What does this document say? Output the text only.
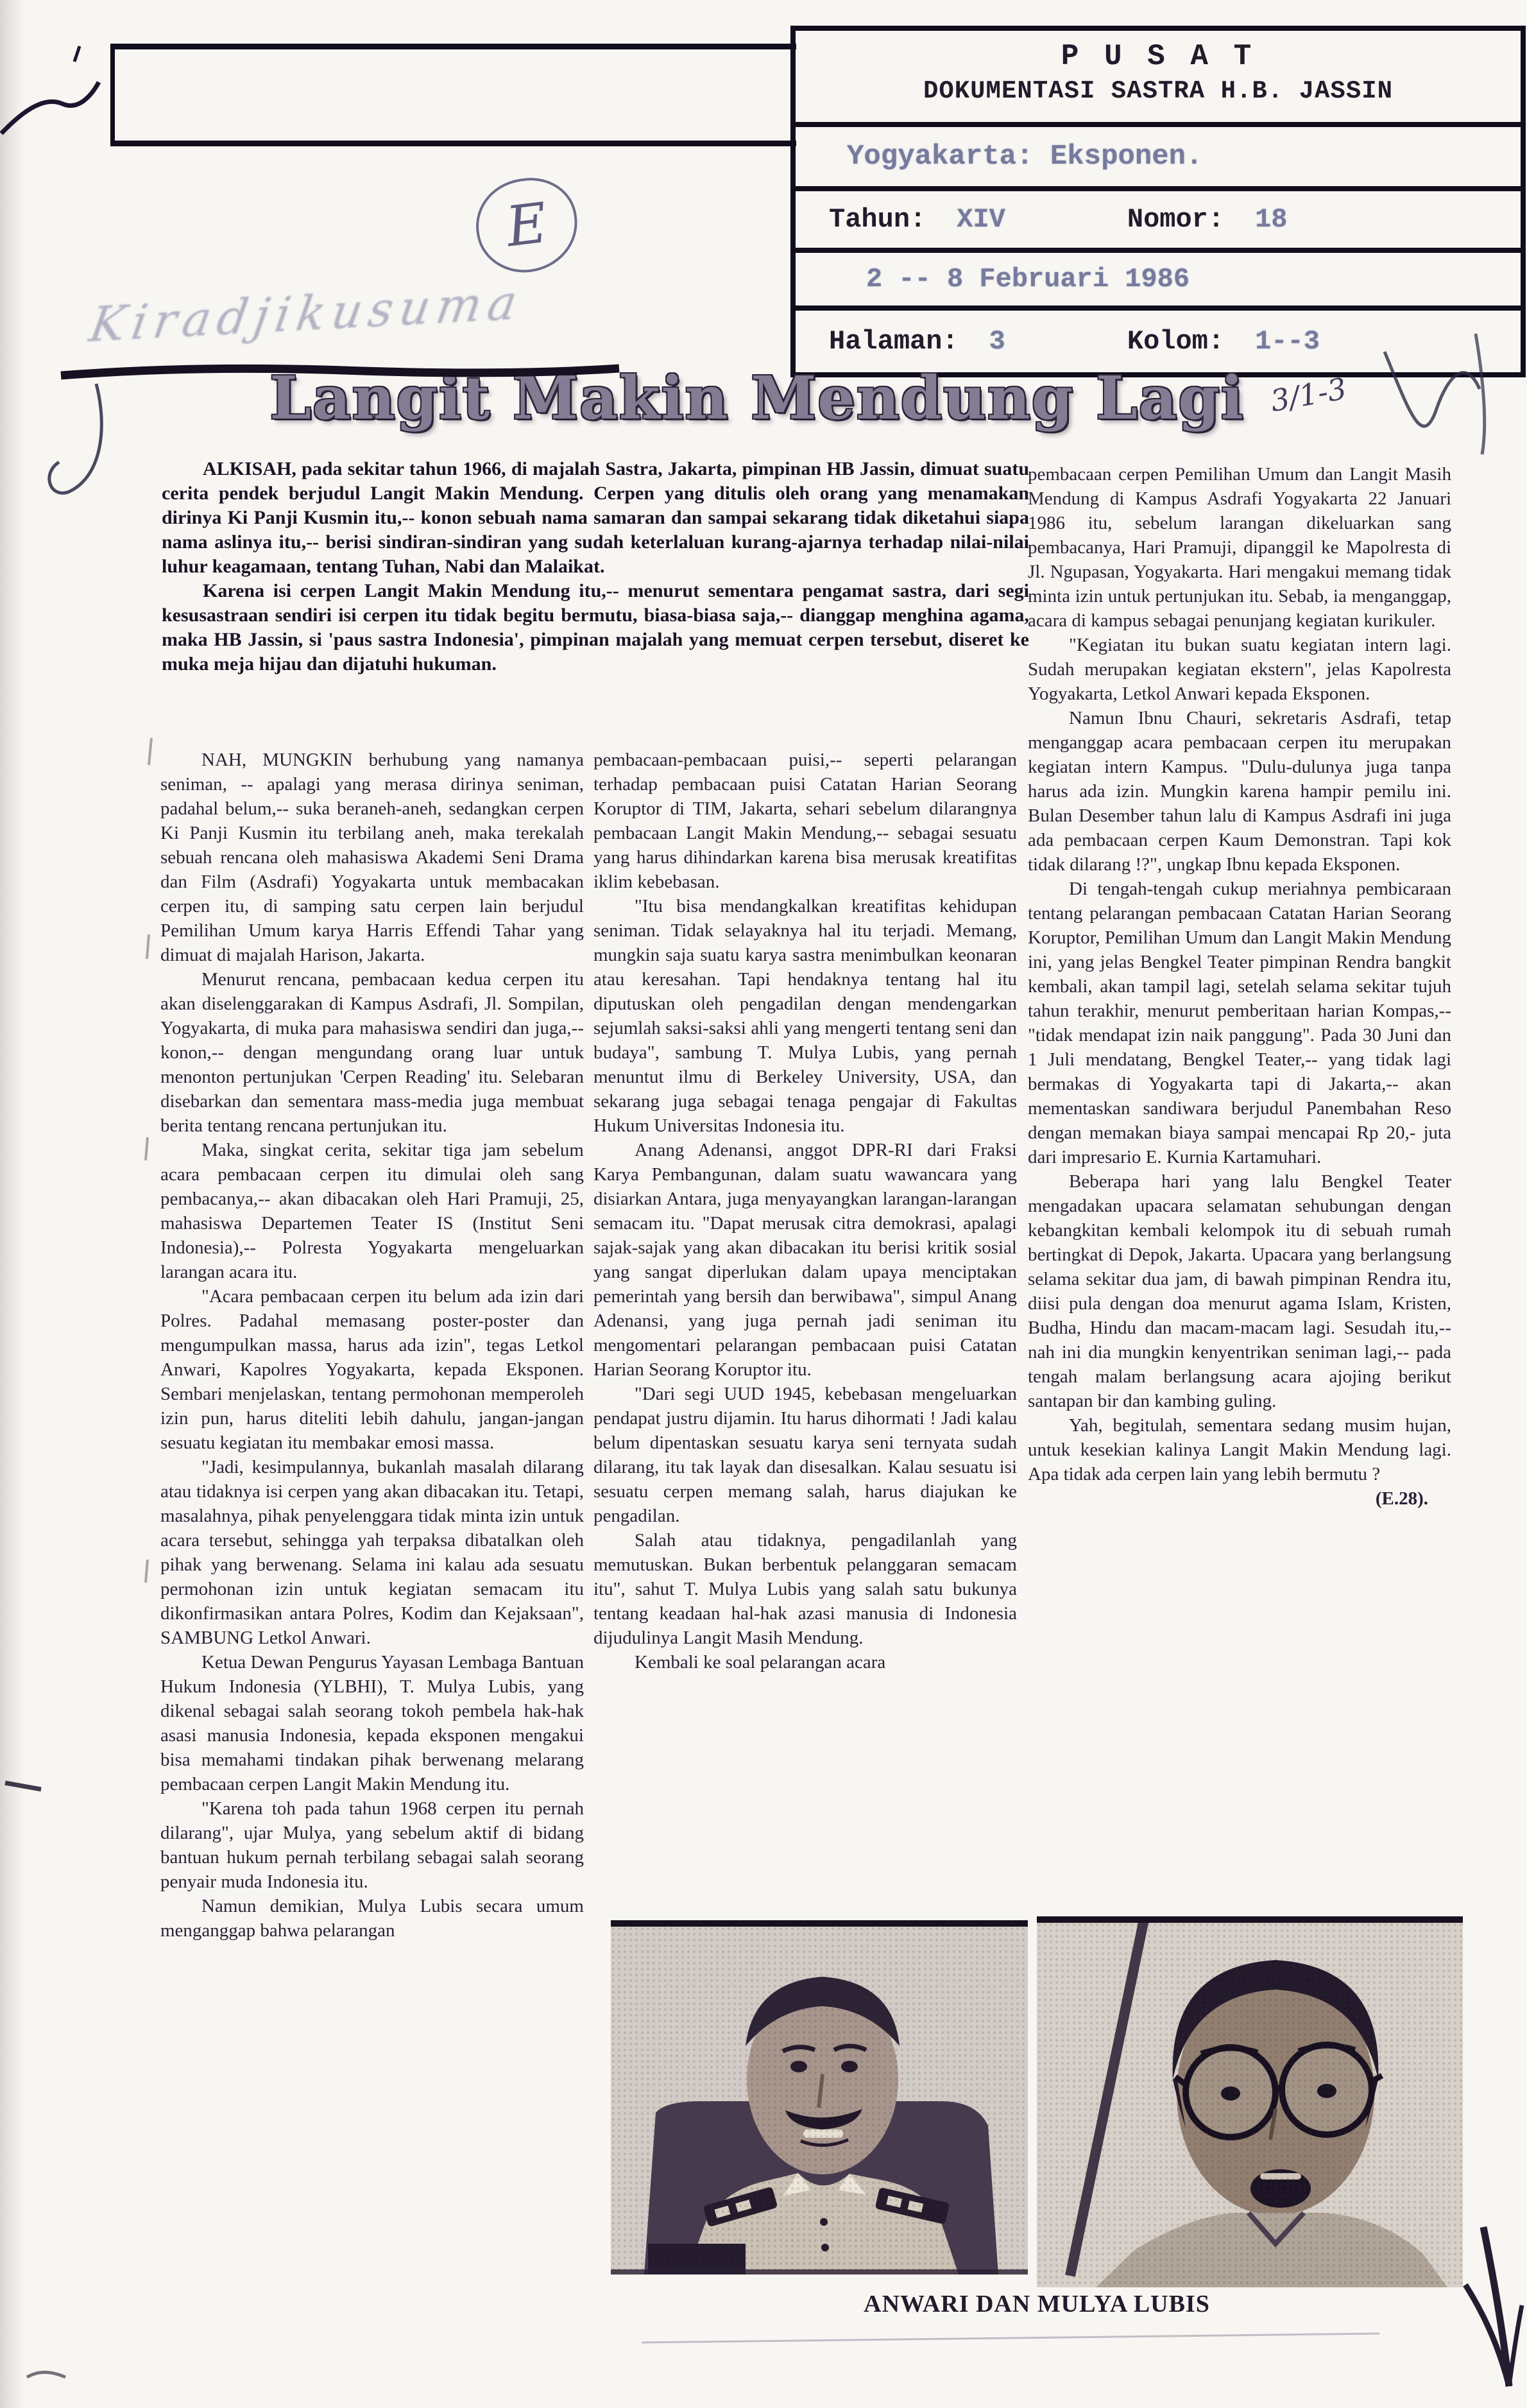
P U S A T
DOKUMENTASI SASTRA H.B. JASSIN
Yogyakarta: Eksponen.
Tahun: XIV	Nomor: 18
2 -- 8 Februari 1986
Halaman: 3	Kolom: 1--3
E
Kiradjikusuma
3/1-3
Langit Makin Mendung Lagi

ALKISAH, pada sekitar tahun 1966, di majalah Sastra, Jakarta, pimpinan HB Jassin, dimuat suatu cerita pendek berjudul Langit Makin Mendung. Cerpen yang ditulis oleh orang yang menamakan dirinya Ki Panji Kusmin itu,-- konon sebuah nama samaran dan sampai sekarang tidak diketahui siapa nama aslinya itu,-- berisi sindiran-sindiran yang sudah keterlaluan kurang-ajarnya terhadap nilai-nilai luhur keagamaan, tentang Tuhan, Nabi dan Malaikat.

Karena isi cerpen Langit Makin Mendung itu,-- menurut sementara pengamat sastra, dari segi kesusastraan sendiri isi cerpen itu tidak begitu bermutu, biasa-biasa saja,-- dianggap menghina agama, maka HB Jassin, si 'paus sastra Indonesia', pimpinan majalah yang memuat cerpen tersebut, diseret ke muka meja hijau dan dijatuhi hukuman.

NAH, MUNGKIN berhubung yang namanya seniman, -- apalagi yang merasa dirinya seniman, padahal belum,-- suka beraneh-aneh, sedangkan cerpen Ki Panji Kusmin itu terbilang aneh, maka terekalah sebuah rencana oleh mahasiswa Akademi Seni Drama dan Film (Asdrafi) Yogyakarta untuk membacakan cerpen itu, di samping satu cerpen lain berjudul Pemilihan Umum karya Harris Effendi Tahar yang dimuat di majalah Harison, Jakarta.

Menurut rencana, pembacaan kedua cerpen itu akan diselenggarakan di Kampus Asdrafi, Jl. Sompilan, Yogyakarta, di muka para mahasiswa sendiri dan juga,-- konon,-- dengan mengundang orang luar untuk menonton pertunjukan 'Cerpen Reading' itu. Selebaran disebarkan dan sementara mass-media juga membuat berita tentang rencana pertunjukan itu.

Maka, singkat cerita, sekitar tiga jam sebelum acara pembacaan cerpen itu dimulai oleh sang pembacanya,-- akan dibacakan oleh Hari Pramuji, 25, mahasiswa Departemen Teater IS (Institut Seni Indonesia),-- Polresta Yogyakarta mengeluarkan larangan acara itu.

"Acara pembacaan cerpen itu belum ada izin dari Polres. Padahal memasang poster-poster dan mengumpulkan massa, harus ada izin", tegas Letkol Anwari, Kapolres Yogyakarta, kepada Eksponen. Sembari menjelaskan, tentang permohonan memperoleh izin pun, harus diteliti lebih dahulu, jangan-jangan sesuatu kegiatan itu membakar emosi massa.

"Jadi, kesimpulannya, bukanlah masalah dilarang atau tidaknya isi cerpen yang akan dibacakan itu. Tetapi, masalahnya, pihak penyelenggara tidak minta izin untuk acara tersebut, sehingga yah terpaksa dibatalkan oleh pihak yang berwenang. Selama ini kalau ada sesuatu permohonan izin untuk kegiatan semacam itu dikonfirmasikan antara Polres, Kodim dan Kejaksaan", SAMBUNG Letkol Anwari.

Ketua Dewan Pengurus Yayasan Lembaga Bantuan Hukum Indonesia (YLBHI), T. Mulya Lubis, yang dikenal sebagai salah seorang tokoh pembela hak-hak asasi manusia Indonesia, kepada eksponen mengakui bisa memahami tindakan pihak berwenang melarang pembacaan cerpen Langit Makin Mendung itu.

"Karena toh pada tahun 1968 cerpen itu pernah dilarang", ujar Mulya, yang sebelum aktif di bidang bantuan hukum pernah terbilang sebagai salah seorang penyair muda Indonesia itu.

Namun demikian, Mulya Lubis secara umum menganggap bahwa pelarangan

pembacaan-pembacaan puisi,-- seperti pelarangan terhadap pembacaan puisi Catatan Harian Seorang Koruptor di TIM, Jakarta, sehari sebelum dilarangnya pembacaan Langit Makin Mendung,-- sebagai sesuatu yang harus dihindarkan karena bisa merusak kreatifitas iklim kebebasan.

"Itu bisa mendangkalkan kreatifitas kehidupan seniman. Tidak selayaknya hal itu terjadi. Memang, mungkin saja suatu karya sastra menimbulkan keonaran atau keresahan. Tapi hendaknya tentang hal itu diputuskan oleh pengadilan dengan mendengarkan sejumlah saksi-saksi ahli yang mengerti tentang seni dan budaya", sambung T. Mulya Lubis, yang pernah menuntut ilmu di Berkeley University, USA, dan sekarang juga sebagai tenaga pengajar di Fakultas Hukum Universitas Indonesia itu.

Anang Adenansi, anggot DPR-RI dari Fraksi Karya Pembangunan, dalam suatu wawancara yang disiarkan Antara, juga menyayangkan larangan-larangan semacam itu. "Dapat merusak citra demokrasi, apalagi sajak-sajak yang akan dibacakan itu berisi kritik sosial yang sangat diperlukan dalam upaya menciptakan pemerintah yang bersih dan berwibawa", simpul Anang Adenansi, yang juga pernah jadi seniman itu mengomentari pelarangan pembacaan puisi Catatan Harian Seorang Koruptor itu.

"Dari segi UUD 1945, kebebasan mengeluarkan pendapat justru dijamin. Itu harus dihormati ! Jadi kalau belum dipentaskan sesuatu karya seni ternyata sudah dilarang, itu tak layak dan disesalkan. Kalau sesuatu isi sesuatu cerpen memang salah, harus diajukan ke pengadilan.

Salah atau tidaknya, pengadilanlah yang memutuskan. Bukan berbentuk pelanggaran semacam itu", sahut T. Mulya Lubis yang salah satu bukunya tentang keadaan hal-hak azasi manusia di Indonesia dijudulinya Langit Masih Mendung.

Kembali ke soal pelarangan acara

pembacaan cerpen Pemilihan Umum dan Langit Masih Mendung di Kampus Asdrafi Yogyakarta 22 Januari 1986 itu, sebelum larangan dikeluarkan sang pembacanya, Hari Pramuji, dipanggil ke Mapolresta di Jl. Ngupasan, Yogyakarta. Hari mengakui memang tidak minta izin untuk pertunjukan itu. Sebab, ia menganggap, acara di kampus sebagai penunjang kegiatan kurikuler.

"Kegiatan itu bukan suatu kegiatan intern lagi. Sudah merupakan kegiatan ekstern", jelas Kapolresta Yogyakarta, Letkol Anwari kepada Eksponen.

Namun Ibnu Chauri, sekretaris Asdrafi, tetap menganggap acara pembacaan cerpen itu merupakan kegiatan intern Kampus. "Dulu-dulunya juga tanpa harus ada izin. Mungkin karena hampir pemilu ini. Bulan Desember tahun lalu di Kampus Asdrafi ini juga ada pembacaan cerpen Kaum Demonstran. Tapi kok tidak dilarang !?", ungkap Ibnu kepada Eksponen.

Di tengah-tengah cukup meriahnya pembicaraan tentang pelarangan pembacaan Catatan Harian Seorang Koruptor, Pemilihan Umum dan Langit Makin Mendung ini, yang jelas Bengkel Teater pimpinan Rendra bangkit kembali, akan tampil lagi, setelah selama sekitar tujuh tahun terakhir, menurut pemberitaan harian Kompas,-- "tidak mendapat izin naik panggung". Pada 30 Juni dan 1 Juli mendatang, Bengkel Teater,-- yang tidak lagi bermakas di Yogyakarta tapi di Jakarta,-- akan mementaskan sandiwara berjudul Panembahan Reso dengan memakan biaya sampai mencapai Rp 20,- juta dari impresario E. Kurnia Kartamuhari.

Beberapa hari yang lalu Bengkel Teater mengadakan upacara selamatan sehubungan dengan kebangkitan kembali kelompok itu di sebuah rumah bertingkat di Depok, Jakarta. Upacara yang berlangsung selama sekitar dua jam, di bawah pimpinan Rendra itu, diisi pula dengan doa menurut agama Islam, Kristen, Budha, Hindu dan macam-macam lagi. Sesudah itu,-- nah ini dia mungkin kenyentrikan seniman lagi,-- pada tengah malam berlangsung acara ajojing berikut santapan bir dan kambing guling.

Yah, begitulah, sementara sedang musim hujan, untuk kesekian kalinya Langit Makin Mendung lagi. Apa tidak ada cerpen lain yang lebih bermutu ?

(E.28).

ANWARI DAN MULYA LUBIS
